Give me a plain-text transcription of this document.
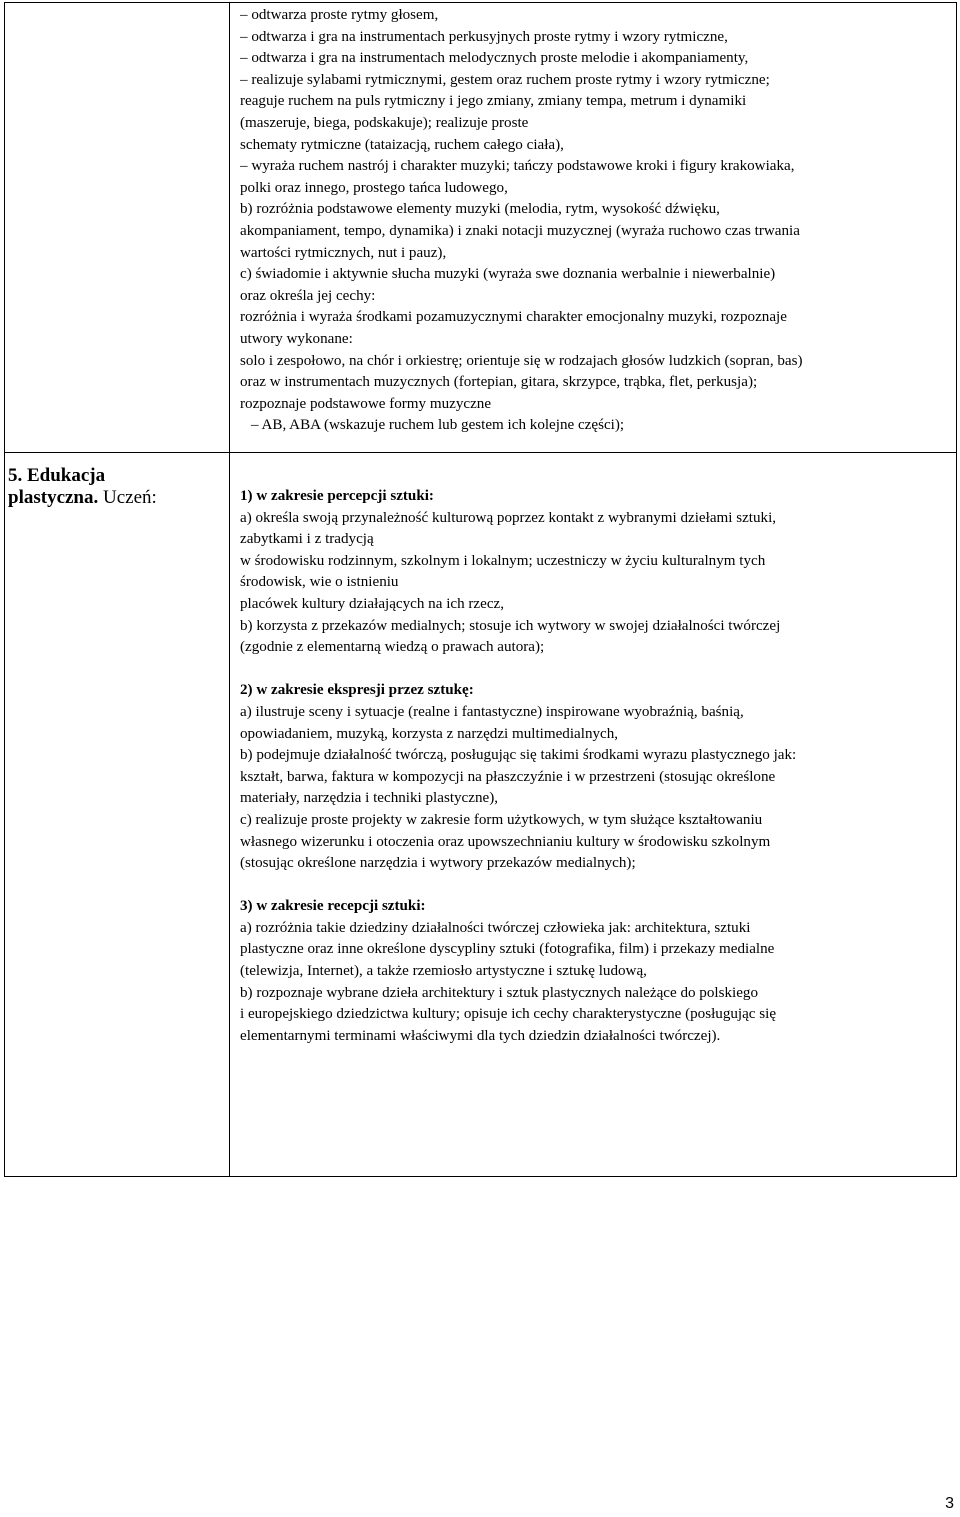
5. Edukacja
plastyczna. Uczeń:
– odtwarza proste rytmy głosem,
– odtwarza i gra na instrumentach perkusyjnych proste rytmy i wzory rytmiczne,
– odtwarza i gra na instrumentach melodycznych proste melodie i akompaniamenty,
– realizuje sylabami rytmicznymi, gestem oraz ruchem proste rytmy i wzory rytmiczne;
reaguje ruchem na puls rytmiczny i jego zmiany, zmiany tempa, metrum i dynamiki
(maszeruje, biega, podskakuje); realizuje proste
schematy rytmiczne (tataizacją, ruchem całego ciała),
– wyraża ruchem nastrój i charakter muzyki; tańczy podstawowe kroki i figury krakowiaka,
polki oraz innego, prostego tańca ludowego,
b) rozróżnia podstawowe elementy muzyki (melodia, rytm, wysokość dźwięku,
akompaniament, tempo, dynamika) i znaki notacji muzycznej (wyraża ruchowo czas trwania
wartości rytmicznych, nut i pauz),
c) świadomie i aktywnie słucha muzyki (wyraża swe doznania werbalnie i niewerbalnie)
oraz określa jej cechy:
rozróżnia i wyraża środkami pozamuzycznymi charakter emocjonalny muzyki, rozpoznaje
utwory wykonane:
solo i zespołowo, na chór i orkiestrę; orientuje się w rodzajach głosów ludzkich (sopran, bas)
oraz w instrumentach muzycznych (fortepian, gitara, skrzypce, trąbka, flet, perkusja);
rozpoznaje podstawowe formy muzyczne
– AB, ABA (wskazuje ruchem lub gestem ich kolejne części);
1) w zakresie percepcji sztuki:
a) określa swoją przynależność kulturową poprzez kontakt z wybranymi dziełami sztuki,
zabytkami i z tradycją
w środowisku rodzinnym, szkolnym i lokalnym; uczestniczy w życiu kulturalnym tych
środowisk, wie o istnieniu
placówek kultury działających na ich rzecz,
b) korzysta z przekazów medialnych; stosuje ich wytwory w swojej działalności twórczej
(zgodnie z elementarną wiedzą o prawach autora);
2) w zakresie ekspresji przez sztukę:
a) ilustruje sceny i sytuacje (realne i fantastyczne) inspirowane wyobraźnią, baśnią,
opowiadaniem, muzyką, korzysta z narzędzi multimedialnych,
b) podejmuje działalność twórczą, posługując się takimi środkami wyrazu plastycznego jak:
kształt, barwa, faktura w kompozycji na płaszczyźnie i w przestrzeni (stosując określone
materiały, narzędzia i techniki plastyczne),
c) realizuje proste projekty w zakresie form użytkowych, w tym służące kształtowaniu
własnego wizerunku i otoczenia oraz upowszechnianiu kultury w środowisku szkolnym
(stosując określone narzędzia i wytwory przekazów medialnych);
3) w zakresie recepcji sztuki:
a) rozróżnia takie dziedziny działalności twórczej człowieka jak: architektura, sztuki
plastyczne oraz inne określone dyscypliny sztuki (fotografika, film) i przekazy medialne
(telewizja, Internet), a także rzemiosło artystyczne i sztukę ludową,
b) rozpoznaje wybrane dzieła architektury i sztuk plastycznych należące do polskiego
i europejskiego dziedzictwa kultury; opisuje ich cechy charakterystyczne (posługując się
elementarnymi terminami właściwymi dla tych dziedzin działalności twórczej).
3
